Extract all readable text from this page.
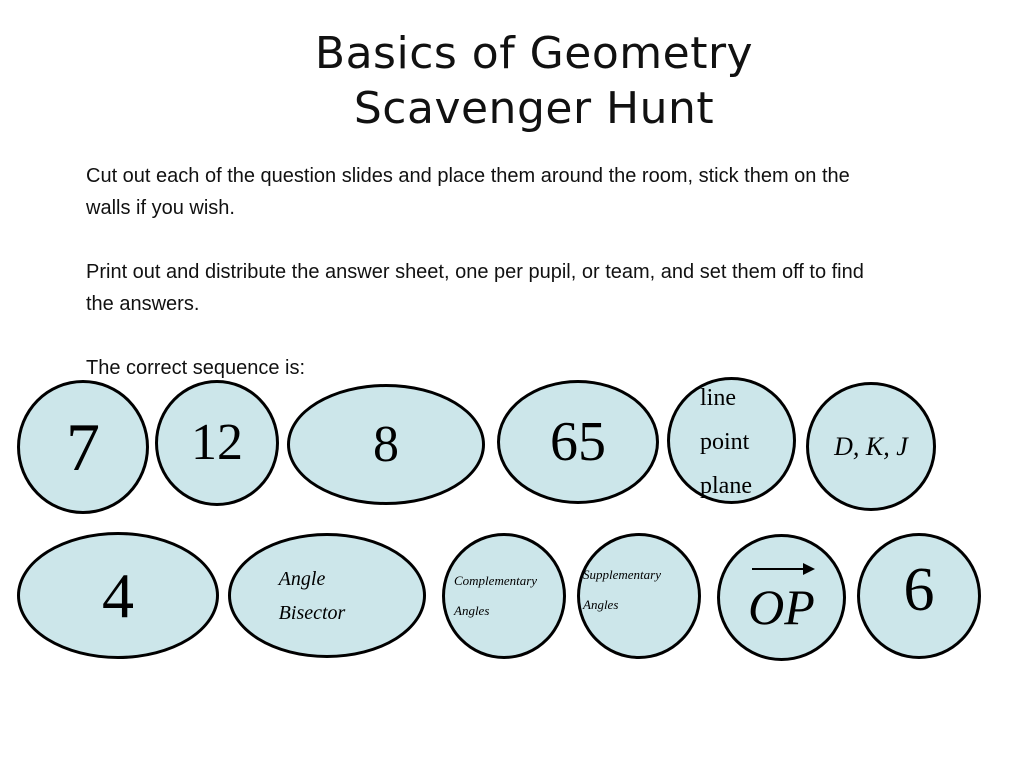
Basics of Geometry
Scavenger Hunt

Cut out each of the question slides and place them around the room, stick them on the walls if you wish.

Print out and distribute the answer sheet, one per pupil, or team, and set them off to find the answers.

The correct sequence is:

7 12	8	65
line
point
plane
D, K, J
4	Angle
Bisector
Complementary
Angles
Supplementary
Angles	OP 6
